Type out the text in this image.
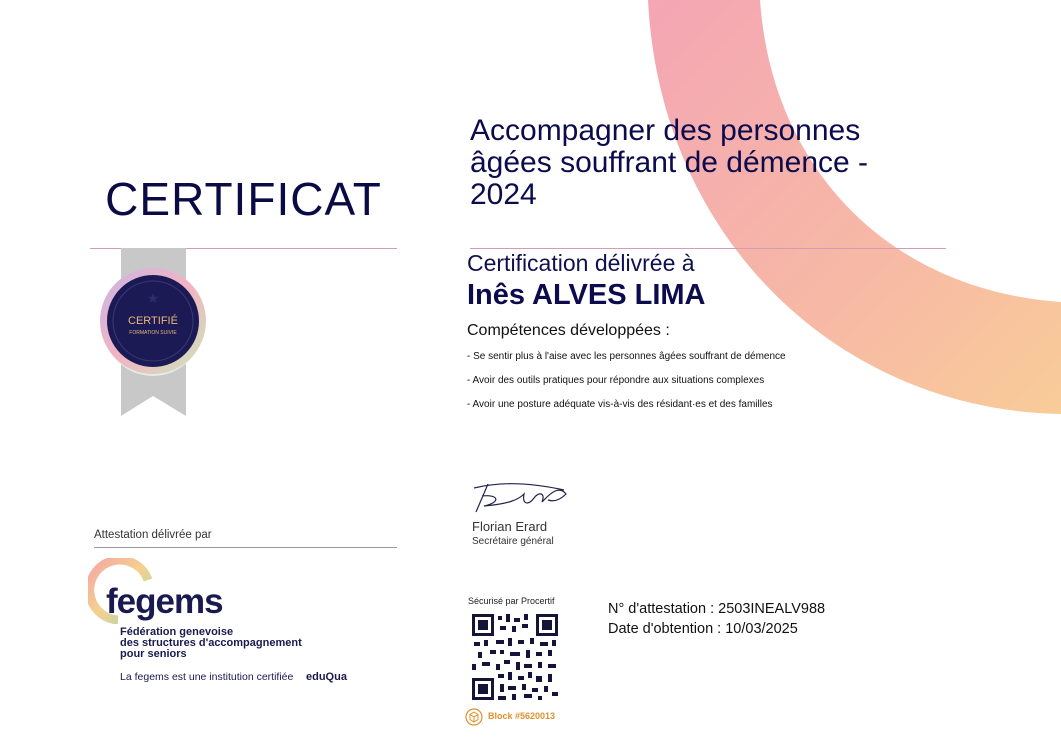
CERTIFICAT
Accompagner des personnes âgées souffrant de démence - 2024
★
CERTIFIÉ
FORMATION SUIVIE
Certification délivrée à
Inês ALVES LIMA
Compétences développées :
- Se sentir plus à l'aise avec les personnes âgées souffrant de démence
- Avoir des outils pratiques pour répondre aux situations complexes
- Avoir une posture adéquate vis-à-vis des résidant·es et des familles
Attestation délivrée par
fegems
Fédération genevoise
des structures d'accompagnement
pour seniors
La fegems est une institution certifiée eduQua
Florian Erard
Secrétaire général
Sécurisé par Procertif
Block #5620013
N° d'attestation : 2503INEALV988
Date d'obtention : 10/03/2025
